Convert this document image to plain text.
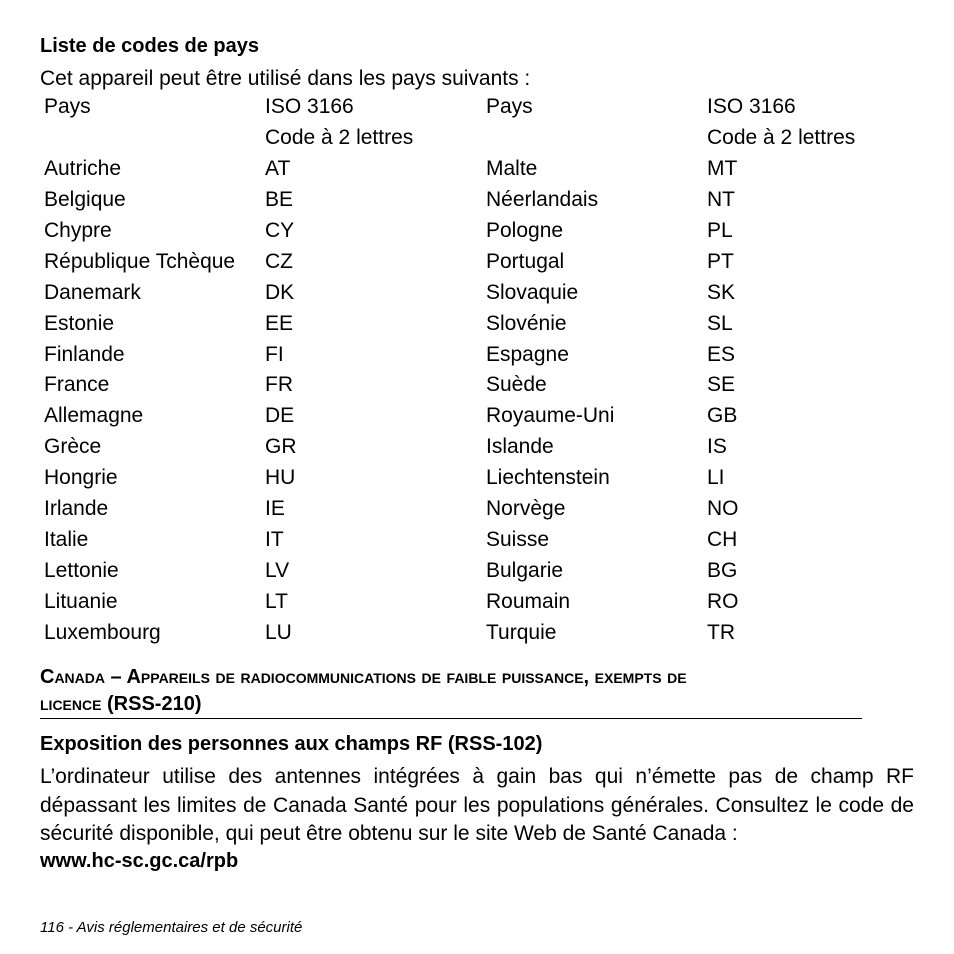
Liste de codes de pays
Cet appareil peut être utilisé dans les pays suivants :
Pays	ISO 3166	Pays	ISO 3166
	Code à 2 lettres		Code à 2 lettres
Autriche	AT	Malte	MT
Belgique	BE	Néerlandais	NT
Chypre	CY	Pologne	PL
République Tchèque	CZ	Portugal	PT
Danemark	DK	Slovaquie	SK
Estonie	EE	Slovénie	SL
Finlande	FI	Espagne	ES
France	FR	Suède	SE
Allemagne	DE	Royaume-Uni	GB
Grèce	GR	Islande	IS
Hongrie	HU	Liechtenstein	LI
Irlande	IE	Norvège	NO
Italie	IT	Suisse	CH
Lettonie	LV	Bulgarie	BG
Lituanie	LT	Roumain	RO
Luxembourg	LU	Turquie	TR
Canada – Appareils de radiocommunications de faible puissance, exempts de
licence (RSS-210)
Exposition des personnes aux champs RF (RSS-102)
L’ordinateur utilise des antennes intégrées à gain bas qui n’émette pas de champ RF dépassant les limites de Canada Santé pour les populations générales. Consultez le code de sécurité disponible, qui peut être obtenu sur le site Web de Santé Canada :
www.hc-sc.gc.ca/rpb
116 - Avis réglementaires et de sécurité
